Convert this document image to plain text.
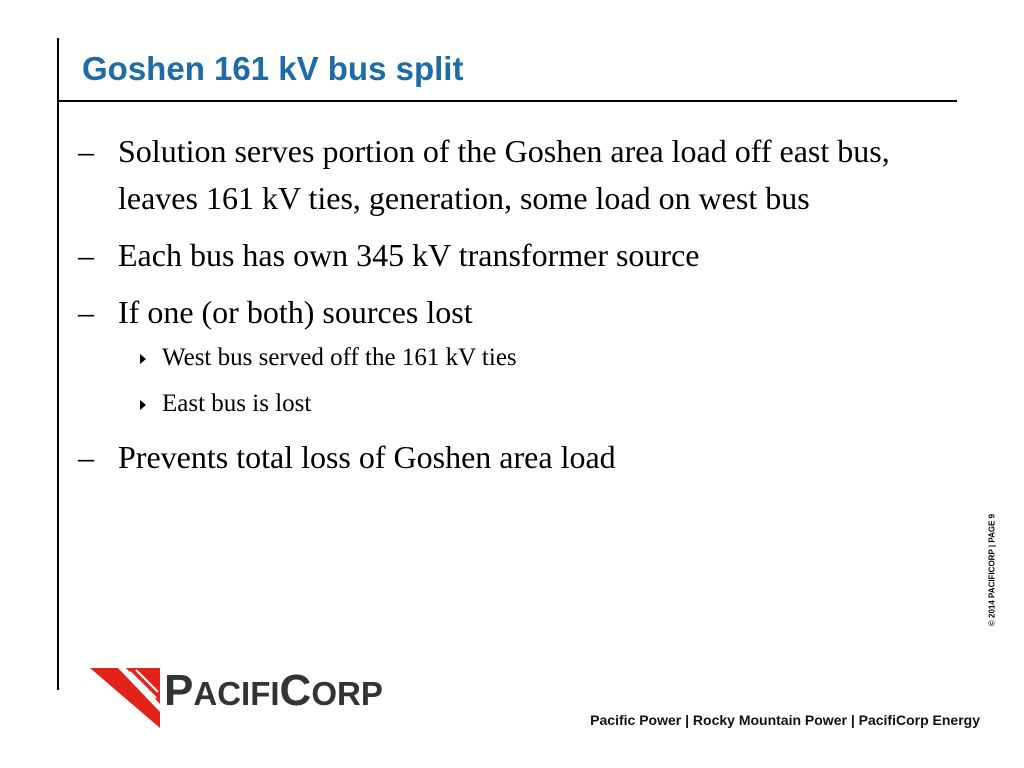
Goshen 161 kV bus split
– Solution serves portion of the Goshen area load off east bus, leaves 161 kV ties, generation, some load on west bus
– Each bus has own 345 kV transformer source
– If one (or both) sources lost
West bus served off the 161 kV ties
East bus is lost
– Prevents total loss of Goshen area load
© 2014 PACIFICORP | PAGE 9
PACIFICORP
Pacific Power | Rocky Mountain Power | PacifiCorp Energy
